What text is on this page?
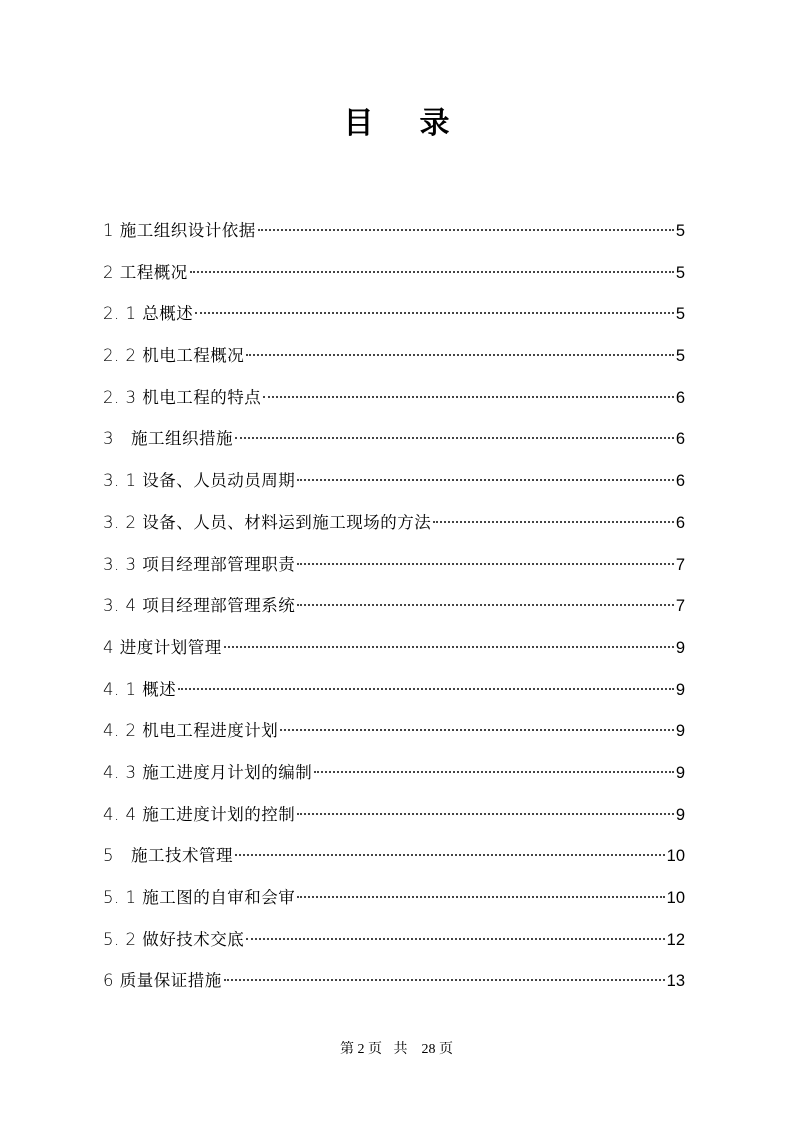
目 录
1 施工组织设计依据	5
2 工程概况	5
2. 1 总概述	5
2. 2 机电工程概况	5
2. 3 机电工程的特点	6
3　施工组织措施	6
3. 1 设备、人员动员周期	6
3. 2 设备、人员、材料运到施工现场的方法	6
3. 3 项目经理部管理职责	7
3. 4 项目经理部管理系统	7
4 进度计划管理	9
4. 1 概述	9
4. 2 机电工程进度计划	9
4. 3 施工进度月计划的编制	9
4. 4 施工进度计划的控制	9
5　施工技术管理	10
5. 1 施工图的自审和会审	10
5. 2 做好技术交底	12
6 质量保证措施	13
第 2 页 共　28 页
